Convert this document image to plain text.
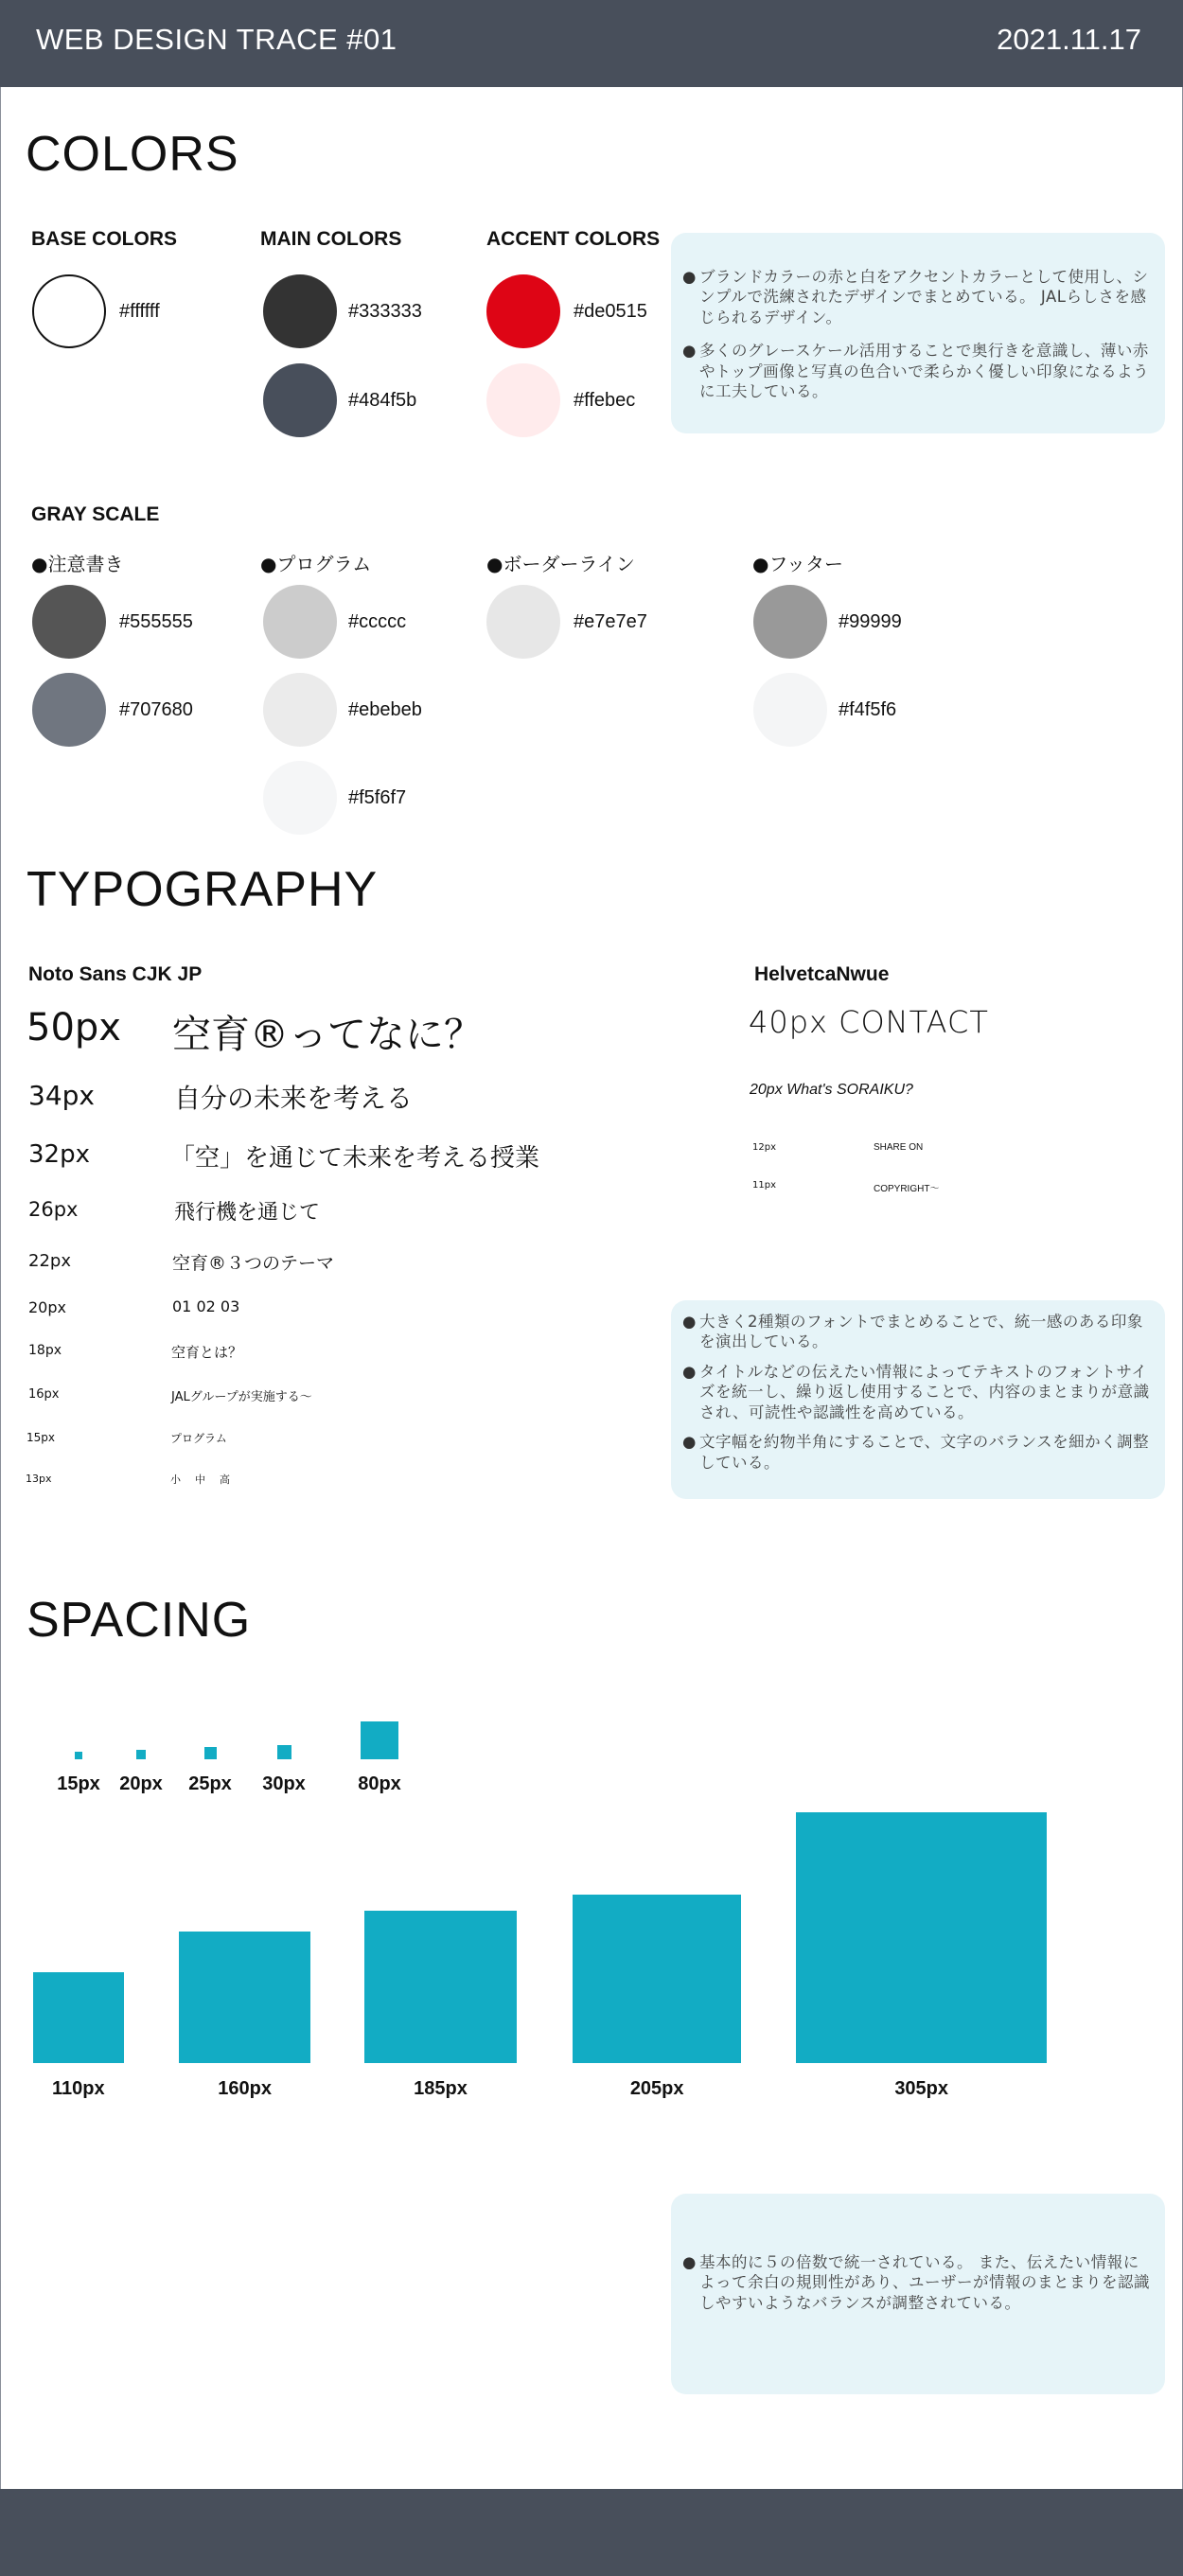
WEB DESIGN TRACE #01	2021.11.17
COLORS
BASE COLORS
#ffffff
MAIN COLORS
#333333
#484f5b
ACCENT COLORS
#de0515
#ffebec

● ブランドカラーの赤と白をアクセントカラーとして使用し、シンプルで洗練されたデザインでまとめている。 JALらしさを感じられるデザイン。

● 多くのグレースケール活用することで奥行きを意識し、薄い赤やトップ画像と写真の色合いで柔らかく優しい印象になるように工夫している。

GRAY SCALE
●注意書き
#555555
#707680
●プログラム
#ccccc
#ebebeb
#f5f6f7
●ボーダーライン
#e7e7e7
●フッター
#99999
#f4f5f6
TYPOGRAPHY
Noto Sans CJK JP	HelvetcaNwue
50px 空育®ってなに？
34px	自分の未来を考える
32px	「空」を通じて未来を考える授業
26px	飛行機を通じて
22px	空育®３つのテーマ
20px	01 02 03
18px	空育とは？
16px	JALグループが実施する〜
15px	プログラム
13px	小　中　高
40px CONTACT
20px What's SORAIKU?
12px	SHARE ON
11px	COPYRIGHT〜

● 大きく2種類のフォントでまとめることで、統一感のある印象を演出している。

● タイトルなどの伝えたい情報によってテキストのフォントサイズを統一し、繰り返し使用することで、内容のまとまりが意識され、可読性や認識性を高めている。

● 文字幅を約物半角にすることで、文字のバランスを細かく調整している。

SPACING
15px	20px	25px	30px	80px
110px	160px	185px	205px	305px

● 基本的に５の倍数で統一されている。 また、伝えたい情報によって余白の規則性があり、ユーザーが情報のまとまりを認識しやすいようなバランスが調整されている。
